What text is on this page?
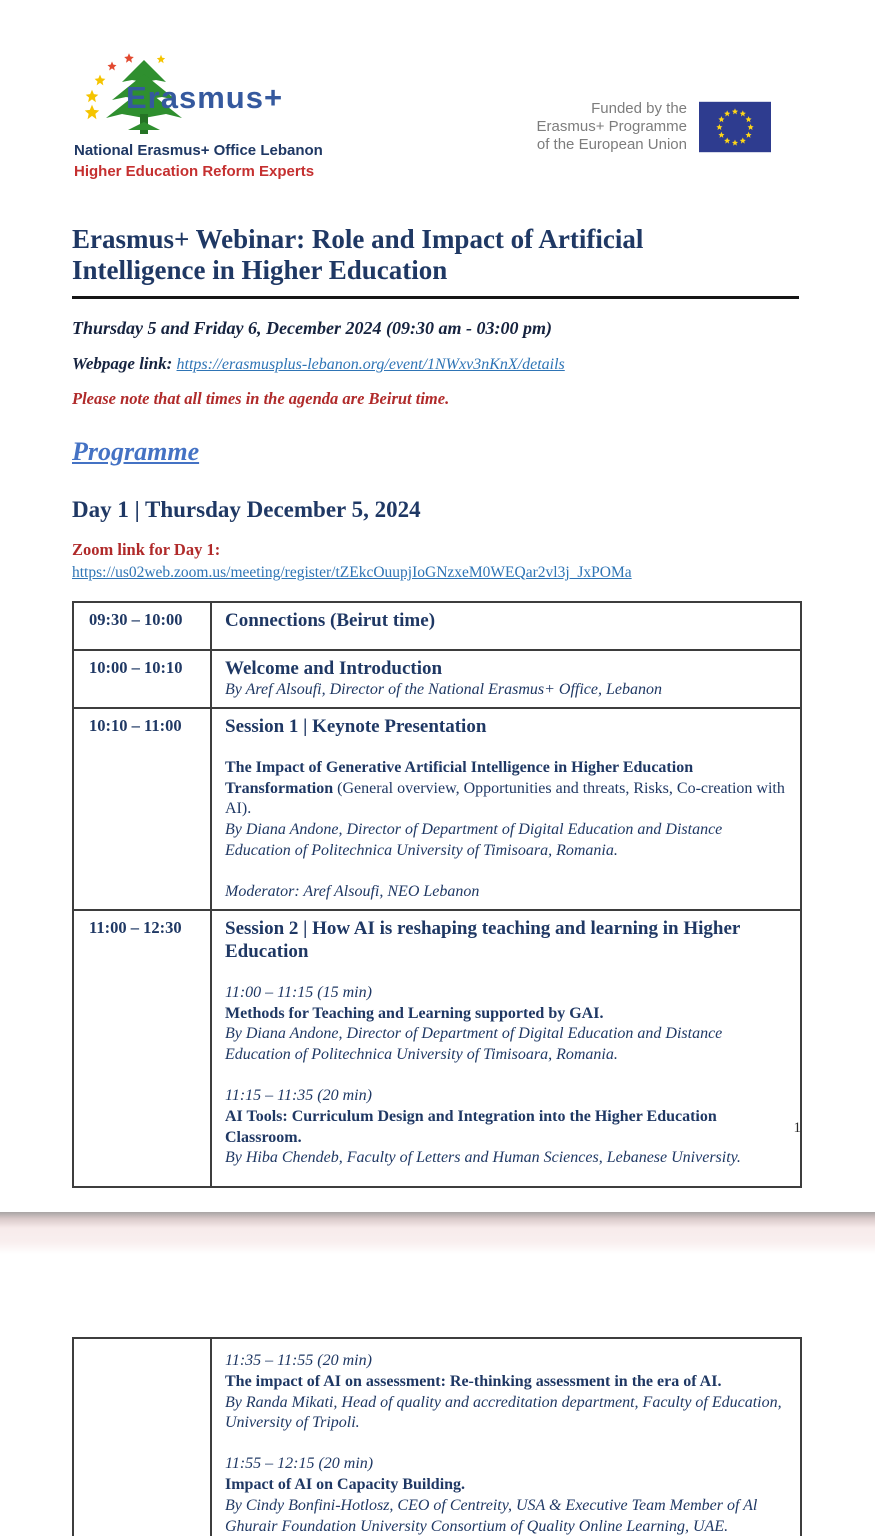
Erasmus+
National Erasmus+ Office Lebanon
Higher Education Reform Experts
Funded by the
Erasmus+ Programme
of the European Union
Erasmus+ Webinar: Role and Impact of Artificial Intelligence in Higher Education
Thursday 5 and Friday 6, December 2024 (09:30 am - 03:00 pm)
Webpage link: https://erasmusplus-lebanon.org/event/1NWxv3nKnX/details
Please note that all times in the agenda are Beirut time.
Programme
Day 1 | Thursday December 5, 2024
Zoom link for Day 1:
https://us02web.zoom.us/meeting/register/tZEkcOuupjIoGNzxeM0WEQar2vl3j_JxPOMa
09:30 – 10:00	Connections (Beirut time)

10:00 – 10:10	Welcome and Introduction
By Aref Alsoufi, Director of the National Erasmus+ Office, Lebanon

10:10 – 11:00	Session 1 | Keynote Presentation
The Impact of Generative Artificial Intelligence in Higher Education Transformation (General overview, Opportunities and threats, Risks, Co-creation with AI).
By Diana Andone, Director of Department of Digital Education and Distance Education of Politechnica University of Timisoara, Romania.
Moderator: Aref Alsoufi, NEO Lebanon

11:00 – 12:30	Session 2 | How AI is reshaping teaching and learning in Higher Education
11:00 – 11:15 (15 min)
Methods for Teaching and Learning supported by GAI.
By Diana Andone, Director of Department of Digital Education and Distance Education of Politechnica University of Timisoara, Romania.
11:15 – 11:35 (20 min)
AI Tools: Curriculum Design and Integration into the Higher Education Classroom.
By Hiba Chendeb, Faculty of Letters and Human Sciences, Lebanese University.
1

11:35 – 11:55 (20 min)
The impact of AI on assessment: Re-thinking assessment in the era of AI.
By Randa Mikati, Head of quality and accreditation department, Faculty of Education, University of Tripoli.
11:55 – 12:15 (20 min)
Impact of AI on Capacity Building.
By Cindy Bonfini-Hotlosz, CEO of Centreity, USA & Executive Team Member of Al Ghurair Foundation University Consortium of Quality Online Learning, UAE.
